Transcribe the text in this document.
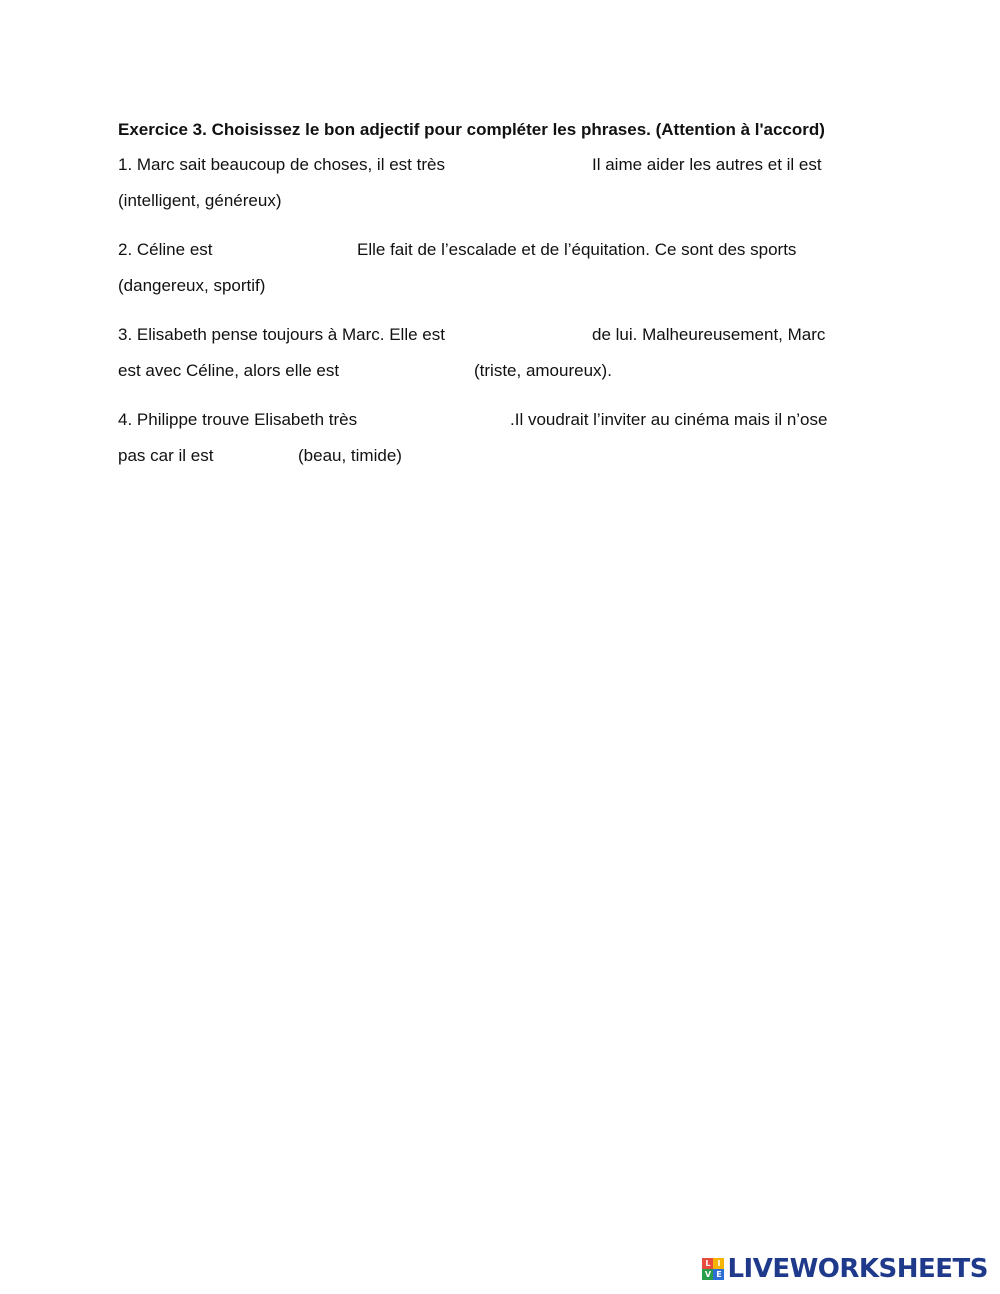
Exercice 3. Choisissez le bon adjectif pour compléter les phrases. (Attention à l'accord)
1. Marc sait beaucoup de choses, il est très	Il aime aider les autres et il est
(intelligent, généreux)
2. Céline est	Elle fait de l’escalade et de l’équitation. Ce sont des sports
(dangereux, sportif)
3. Elisabeth pense toujours à Marc. Elle est	de lui. Malheureusement, Marc
est avec Céline, alors elle est	(triste, amoureux).
4. Philippe trouve Elisabeth très	.Il voudrait l’inviter au cinéma mais il n’ose
pas car il est	(beau, timide)
L I
V E LIVEWORKSHEETS
